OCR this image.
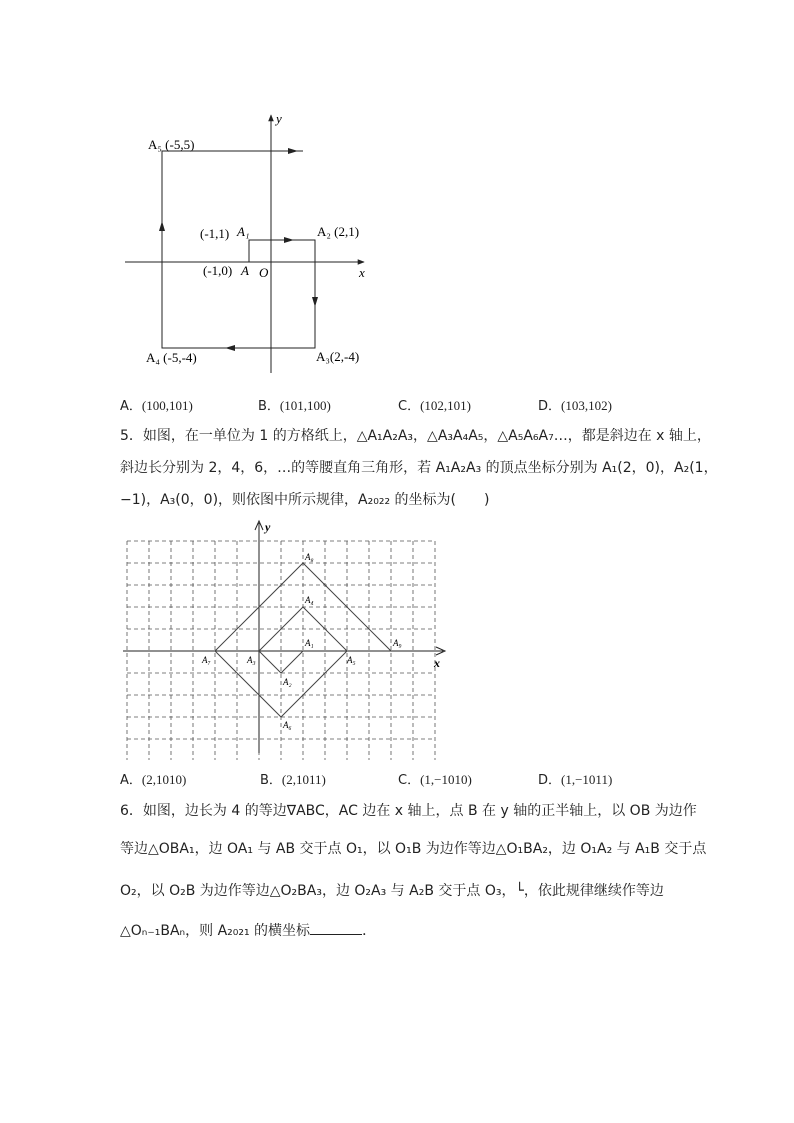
y
x
O
A₅ (-5,5)
(-1,1) A₁	A₂ (2,1)
(-1,0) A
A₄ (-5,-4)	A₃(2,-4)
A．(100,101)	B．(101,100)	C．(102,101)	D．(103,102)
5．如图，在一单位为 1 的方格纸上，△A₁A₂A₃，△A₃A₄A₅，△A₅A₆A₇…，都是斜边在 x 轴上，
斜边长分别为 2，4，6，…的等腰直角三角形，若 A₁A₂A₃ 的顶点坐标分别为 A₁(2，0)，A₂(1，
−1)，A₃(0，0)，则依图中所示规律，A₂₀₂₂ 的坐标为(　　)
y
x
A₁
A₂
A₃
A₄
A₅
A₆
A₇
A₈
A₉
A．(2,1010)	B．(2,1011)	C．(1,−1010)	D．(1,−1011)
6．如图，边长为 4 的等边∇ABC，AC 边在 x 轴上，点 B 在 y 轴的正半轴上，以 OB 为边作
等边△OBA₁，边 OA₁ 与 AB 交于点 O₁，以 O₁B 为边作等边△O₁BA₂，边 O₁A₂ 与 A₁B 交于点
O₂，以 O₂B 为边作等边△O₂BA₃，边 O₂A₃ 与 A₂B 交于点 O₃，└，依此规律继续作等边
△Oₙ₋₁BAₙ，则 A₂₀₂₁ 的横坐标	．
